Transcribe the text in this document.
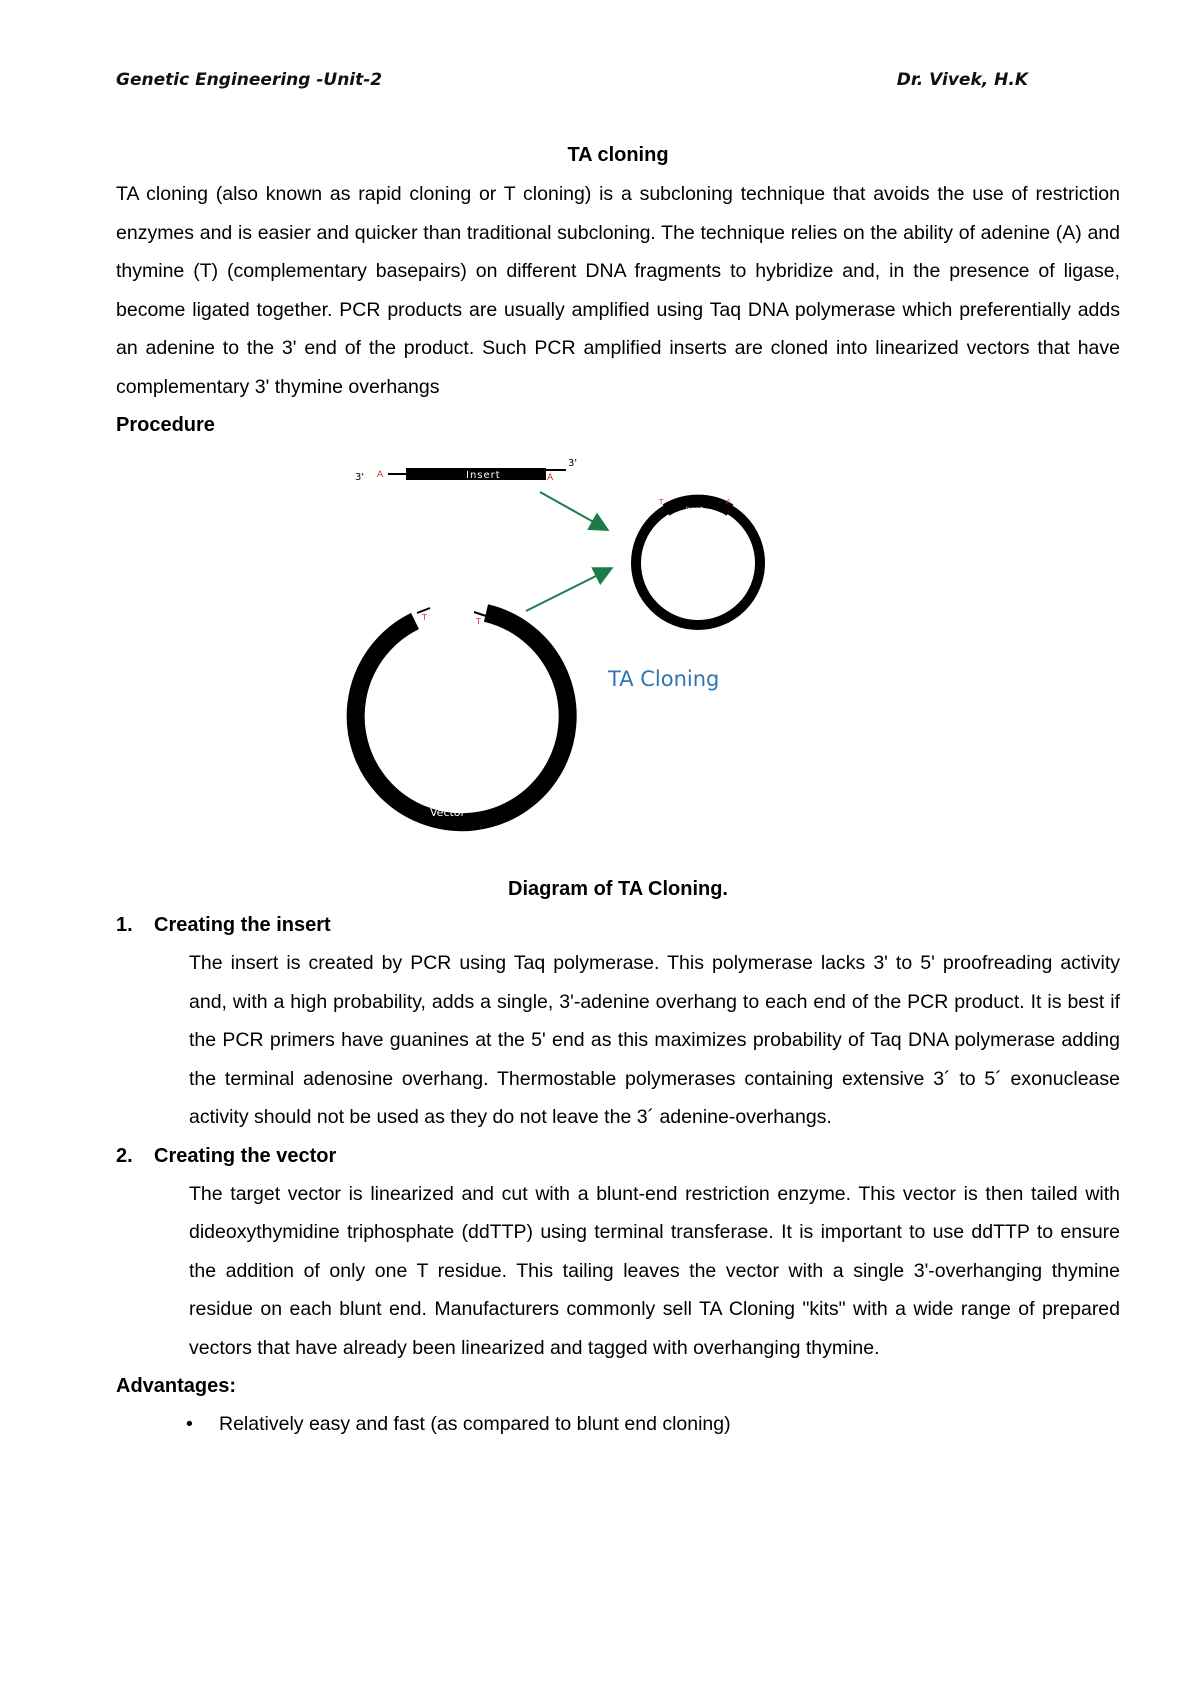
Genetic Engineering -Unit-2	Dr. Vivek, H.K
TA cloning

TA cloning (also known as rapid cloning or T cloning) is a subcloning technique that avoids the use of restriction enzymes and is easier and quicker than traditional subcloning. The technique relies on the ability of adenine (A) and thymine (T) (complementary basepairs) on different DNA fragments to hybridize and, in the presence of ligase, become ligated together. PCR products are usually amplified using Taq DNA polymerase which preferentially adds an adenine to the 3' end of the product. Such PCR amplified inserts are cloned into linearized vectors that have complementary 3' thymine overhangs

Procedure
Insert
3'
3'
A	A
Insert
T	A
TA Cloning
T	T
Vector
Diagram of TA Cloning.
1.	Creating the insert

The insert is created by PCR using Taq polymerase. This polymerase lacks 3' to 5' proofreading activity and, with a high probability, adds a single, 3'-adenine overhang to each end of the PCR product. It is best if the PCR primers have guanines at the 5' end as this maximizes probability of Taq DNA polymerase adding the terminal adenosine overhang. Thermostable polymerases containing extensive 3´ to 5´ exonuclease activity should not be used as they do not leave the 3´ adenine-overhangs.

2.	Creating the vector

The target vector is linearized and cut with a blunt-end restriction enzyme. This vector is then tailed with dideoxythymidine triphosphate (ddTTP) using terminal transferase. It is important to use ddTTP to ensure the addition of only one T residue. This tailing leaves the vector with a single 3'-overhanging thymine residue on each blunt end. Manufacturers commonly sell TA Cloning "kits" with a wide range of prepared vectors that have already been linearized and tagged with overhanging thymine.

Advantages:
• Relatively easy and fast (as compared to blunt end cloning)
